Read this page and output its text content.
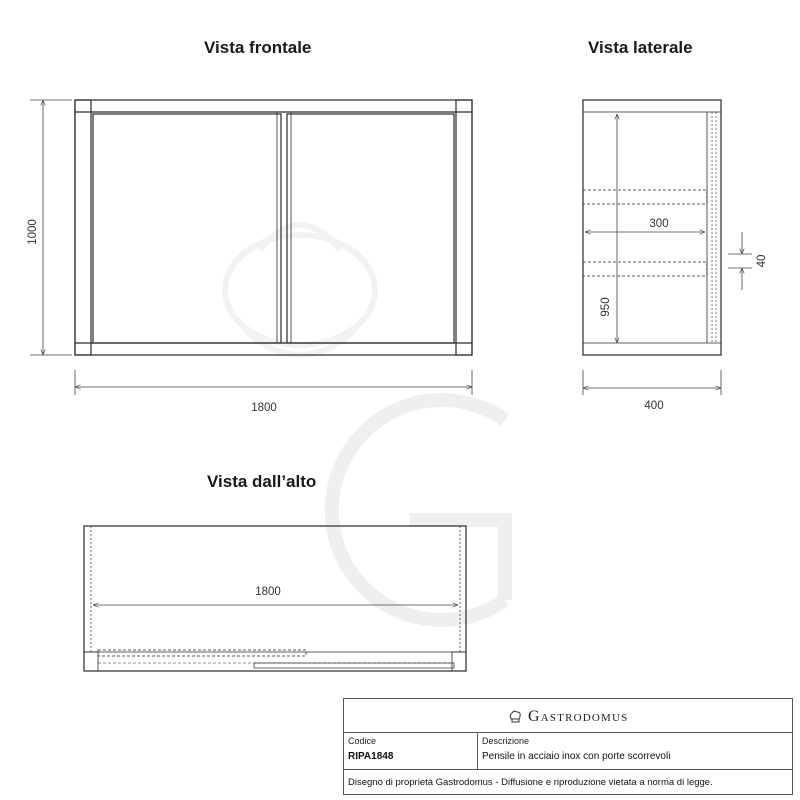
Vista frontale	Vista laterale
Vista dall’alto
1000
1800
300
950
40
400
1800
Gastrodomus
Codice
RIPA1848
Descrizione
Pensile in acciaio inox con porte scorrevoli
Disegno di proprietà Gastrodomus - Diffusione e riproduzione vietata a norma di legge.
